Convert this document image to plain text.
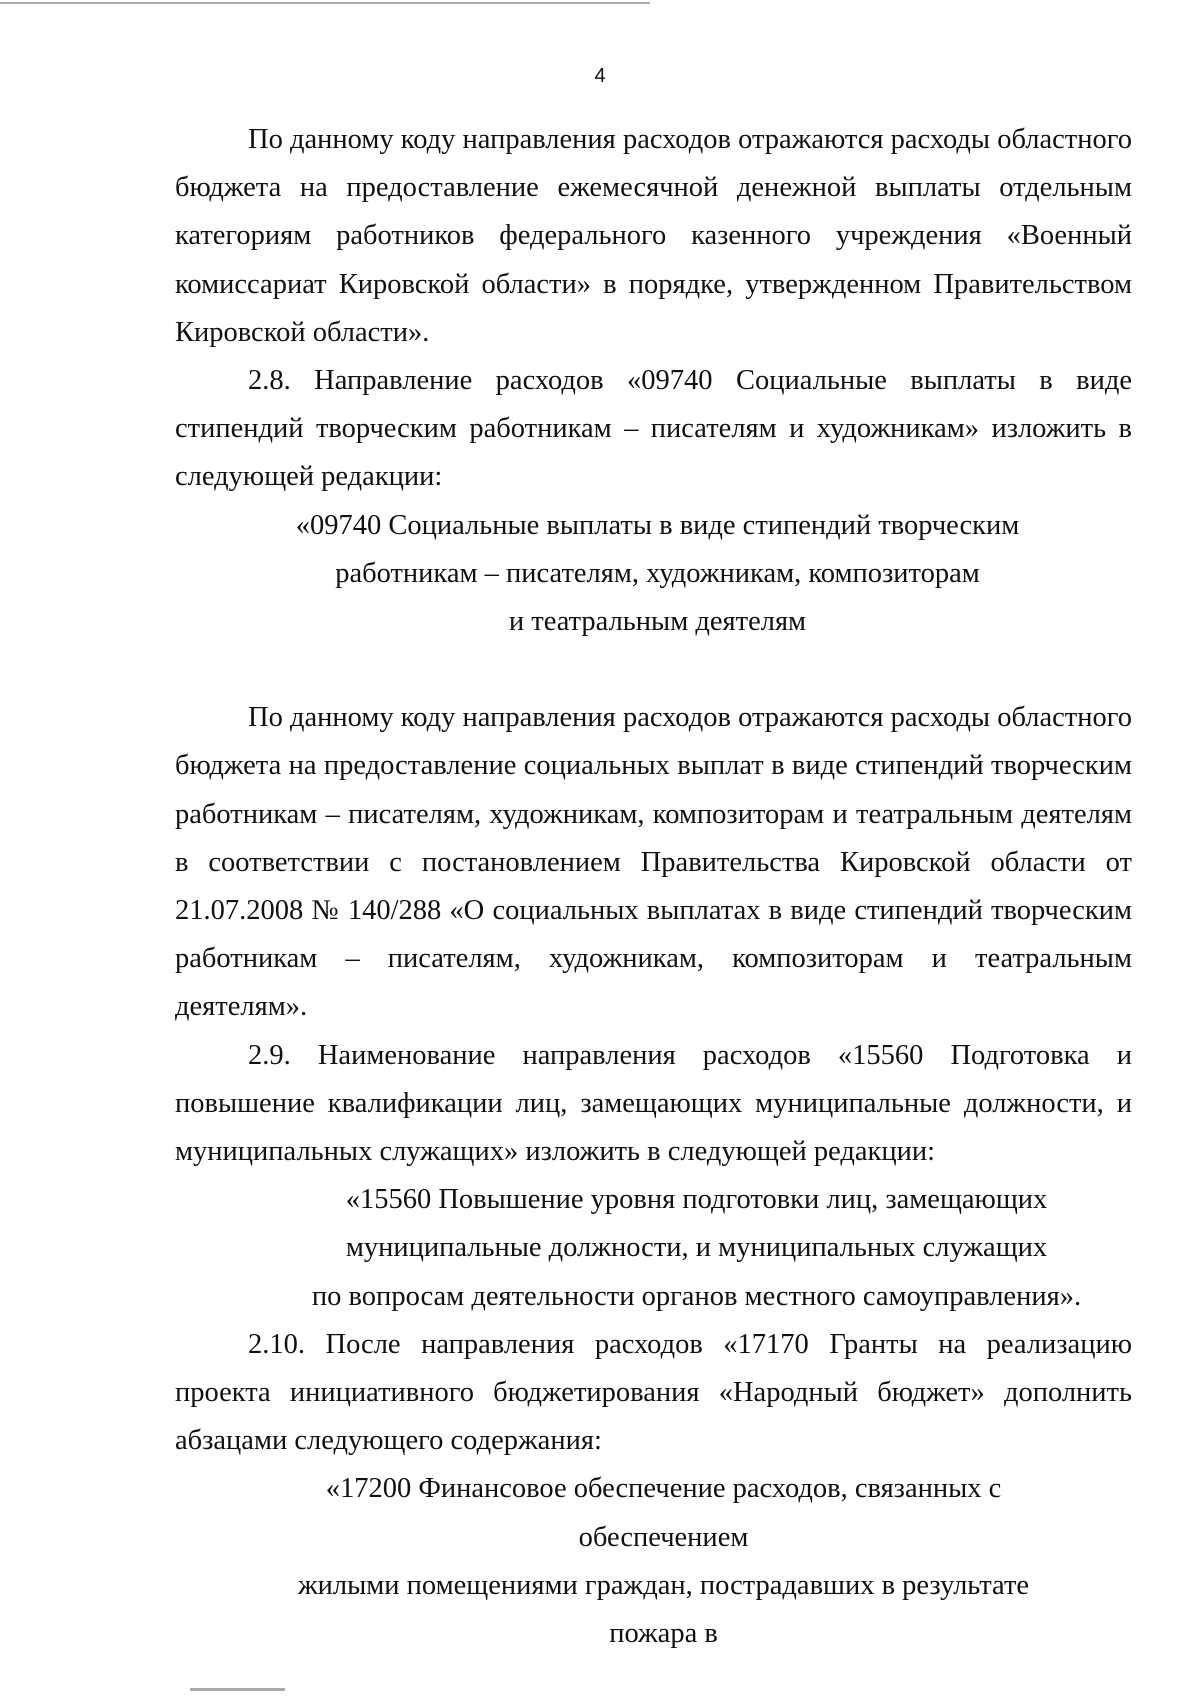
4

По данному коду направления расходов отражаются расходы областного бюджета на предоставление ежемесячной денежной выплаты отдельным категориям работников федерального казенного учреждения «Военный комиссариат Кировской области» в порядке, утвержденном Правительством Кировской области».

2.8. Направление расходов «09740 Социальные выплаты в виде стипендий творческим работникам – писателям и художникам» изложить в следующей редакции:

«09740 Социальные выплаты в виде стипендий творческим
работникам – писателям, художникам, композиторам
и театральным деятелям

По данному коду направления расходов отражаются расходы областного бюджета на предоставление социальных выплат в виде стипендий творческим работникам – писателям, художникам, композиторам и театральным деятелям в соответствии с постановлением Правительства Кировской области от 21.07.2008 № 140/288 «О социальных выплатах в виде стипендий творческим работникам – писателям, художникам, композиторам и театральным деятелям».

2.9. Наименование направления расходов «15560 Подготовка и повышение квалификации лиц, замещающих муниципальные должности, и муниципальных служащих» изложить в следующей редакции:

«15560 Повышение уровня подготовки лиц, замещающих
муниципальные должности, и муниципальных служащих
по вопросам деятельности органов местного самоуправления».

2.10. После направления расходов «17170 Гранты на реализацию проекта инициативного бюджетирования «Народный бюджет» дополнить абзацами следующего содержания:

«17200 Финансовое обеспечение расходов, связанных с обеспечением
жилыми помещениями граждан, пострадавших в результате пожара в
